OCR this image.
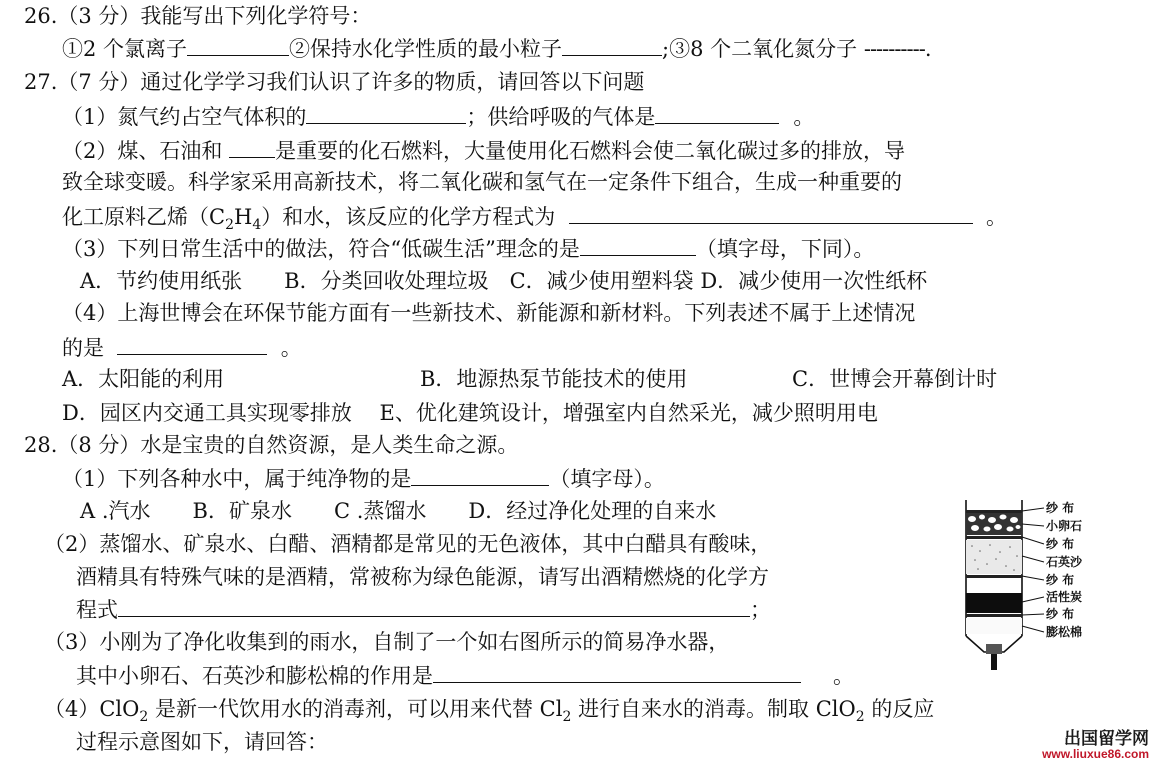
26.（3 分）我能写出下列化学符号：
①2 个氯离子	②保持水化学性质的最小粒子	;③8 个二氧化氮分子 ----------.
27.（7 分）通过化学学习我们认识了许多的物质，请回答以下问题
（1）氮气约占空气体积的	；供给呼吸的气体是	。
（2）煤、石油和	是重要的化石燃料，大量使用化石燃料会使二氧化碳过多的排放，导
致全球变暖。科学家采用高新技术，将二氧化碳和氢气在一定条件下组合，生成一种重要的
化工原料乙烯$(C_2H_4)$和水，该反应的化学方程式为	。
（3）下列日常生活中的做法，符合“低碳生活”理念的是	（填字母，下同）。
A．节约使用纸张　　B．分类回收处理垃圾　C．减少使用塑料袋 D．减少使用一次性纸杯
（4）上海世博会在环保节能方面有一些新技术、新能源和新材料。下列表述不属于上述情况
的是	。
A．太阳能的利用	B．地源热泵节能技术的使用	C．世博会开幕倒计时
D．园区内交通工具实现零排放　 E、优化建筑设计，增强室内自然采光，减少照明用电
28.（8 分）水是宝贵的自然资源，是人类生命之源。
（1）下列各种水中，属于纯净物的是	（填字母）。
A .汽水　　B．矿泉水　　C .蒸馏水　　D．经过净化处理的自来水
（2）蒸馏水、矿泉水、白醋、酒精都是常见的无色液体，其中白醋具有酸味，
酒精具有特殊气味的是酒精，常被称为绿色能源，请写出酒精燃烧的化学方
程式	；
（3）小刚为了净化收集到的雨水，自制了一个如右图所示的简易净水器，
其中小卵石、石英沙和膨松棉的作用是	。
（4）ClO$_2$ 是新一代饮用水的消毒剂，可以用来代替 $Cl_2$ 进行自来水的消毒。制取 ClO$_2$ 的反应
过程示意图如下，请回答：
纱 布
小卵石
纱 布
石英沙
纱 布
活性炭
纱 布
膨松棉
出国留学网
www.liuxue86.com
